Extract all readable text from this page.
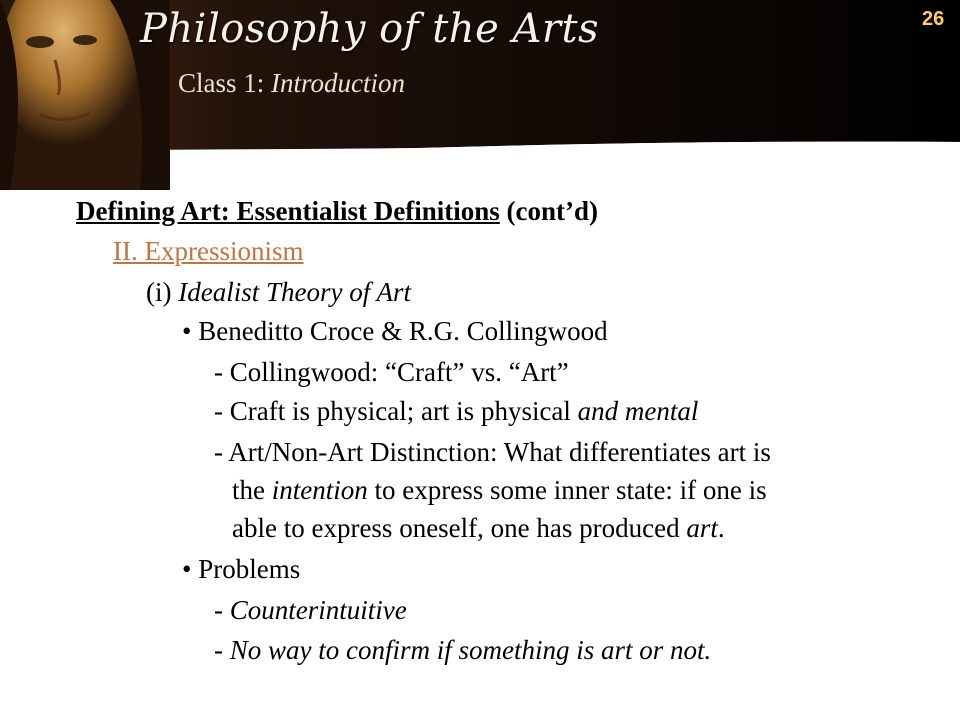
Philosophy of the Arts
Class 1: Introduction
26
Defining Art: Essentialist Definitions (cont’d)
II. Expressionism
(i) Idealist Theory of Art
• Beneditto Croce & R.G. Collingwood
- Collingwood: “Craft” vs. “Art”
- Craft is physical; art is physical and mental
- Art/Non-Art Distinction: What differentiates art is
the intention to express some inner state: if one is
able to express oneself, one has produced art.
• Problems
- Counterintuitive
- No way to confirm if something is art or not.
